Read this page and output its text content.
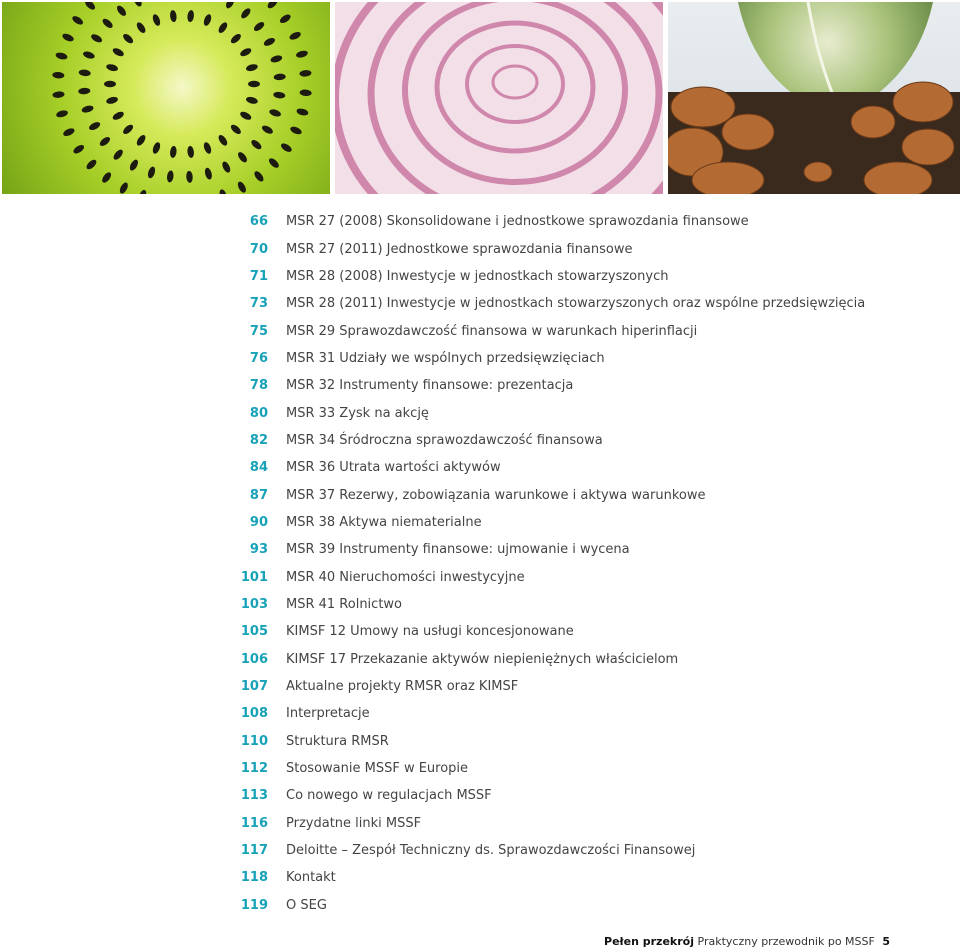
66 MSR 27 (2008) Skonsolidowane i jednostkowe sprawozdania finansowe
70 MSR 27 (2011) Jednostkowe sprawozdania finansowe
71 MSR 28 (2008) Inwestycje w jednostkach stowarzyszonych
73 MSR 28 (2011) Inwestycje w jednostkach stowarzyszonych oraz wspólne przedsięwzięcia
75 MSR 29 Sprawozdawczość finansowa w warunkach hiperinflacji
76 MSR 31 Udziały we wspólnych przedsięwzięciach
78 MSR 32 Instrumenty finansowe: prezentacja
80 MSR 33 Zysk na akcję
82 MSR 34 Śródroczna sprawozdawczość finansowa
84 MSR 36 Utrata wartości aktywów
87 MSR 37 Rezerwy, zobowiązania warunkowe i aktywa warunkowe
90 MSR 38 Aktywa niematerialne
93 MSR 39 Instrumenty finansowe: ujmowanie i wycena
101 MSR 40 Nieruchomości inwestycyjne
103 MSR 41 Rolnictwo
105 KIMSF 12 Umowy na usługi koncesjonowane
106 KIMSF 17 Przekazanie aktywów niepieniężnych właścicielom
107 Aktualne projekty RMSR oraz KIMSF
108 Interpretacje
110 Struktura RMSR
112 Stosowanie MSSF w Europie
113 Co nowego w regulacjach MSSF
116 Przydatne linki MSSF
117 Deloitte – Zespół Techniczny ds. Sprawozdawczości Finansowej
118 Kontakt
119 O SEG
Pełen przekrój Praktyczny przewodnik po MSSF 5
